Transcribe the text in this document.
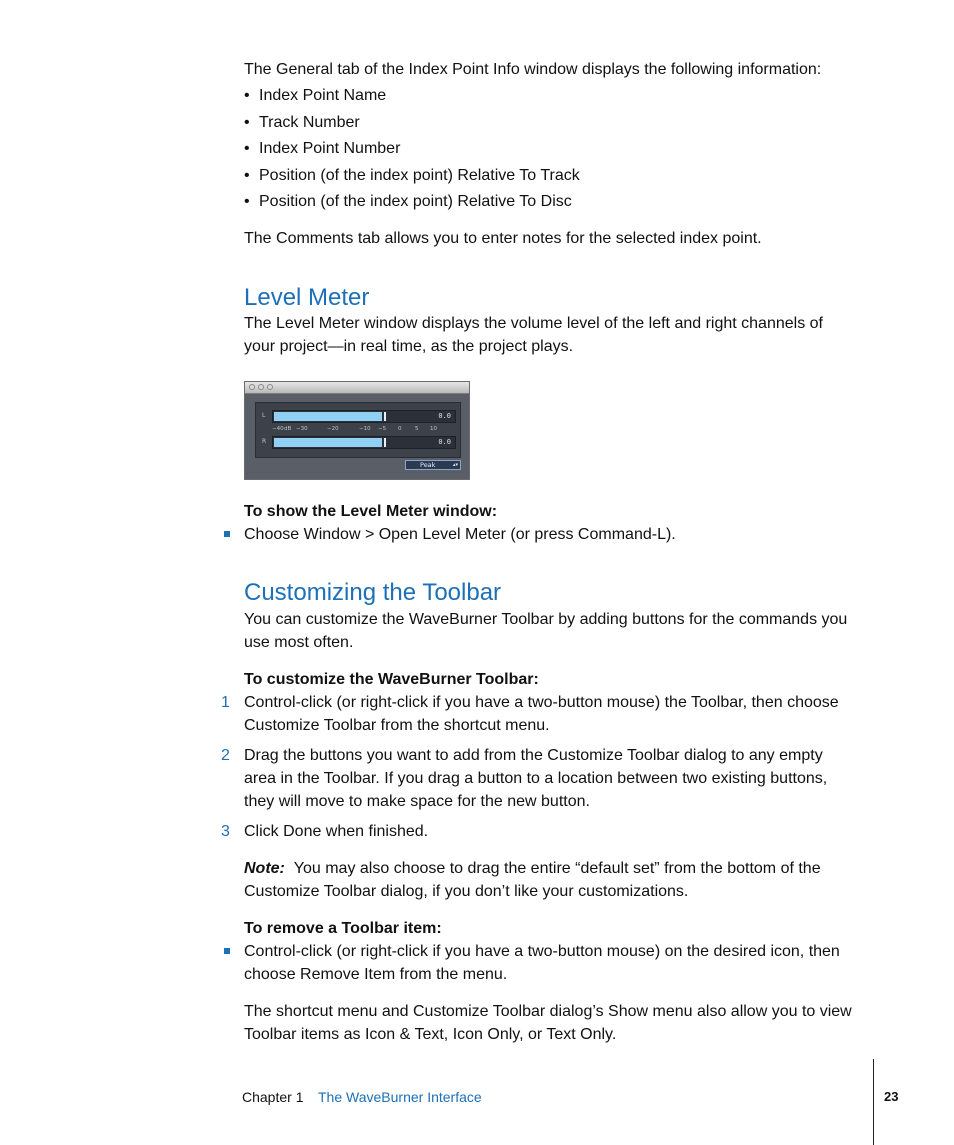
The General tab of the Index Point Info window displays the following information:

• Index Point Name
• Track Number
• Index Point Number
• Position (of the index point) Relative To Track
• Position (of the index point) Relative To Disc

The Comments tab allows you to enter notes for the selected index point.

Level Meter
The Level Meter window displays the volume level of the left and right channels of
your project—in real time, as the project plays.
L	0.0
−40 dB −30	−20	−10 −5 0 5 10
R	0.0
Peak	▴▾

To show the Level Meter window:

Choose Window > Open Level Meter (or press Command-L).
Customizing the Toolbar
You can customize the WaveBurner Toolbar by adding buttons for the commands you
use most often.

To customize the WaveBurner Toolbar:

1 Control-click (or right-click if you have a two-button mouse) the Toolbar, then choose
Customize Toolbar from the shortcut menu.
2 Drag the buttons you want to add from the Customize Toolbar dialog to any empty
area in the Toolbar. If you drag a button to a location between two existing buttons,
they will move to make space for the new button.
3 Click Done when finished.
Note: You may also choose to drag the entire “default set” from the bottom of the
Customize Toolbar dialog, if you don’t like your customizations.

To remove a Toolbar item:

Control-click (or right-click if you have a two-button mouse) on the desired icon, then
choose Remove Item from the menu.
The shortcut menu and Customize Toolbar dialog’s Show menu also allow you to view
Toolbar items as Icon & Text, Icon Only, or Text Only.
Chapter 1 The WaveBurner Interface	23
